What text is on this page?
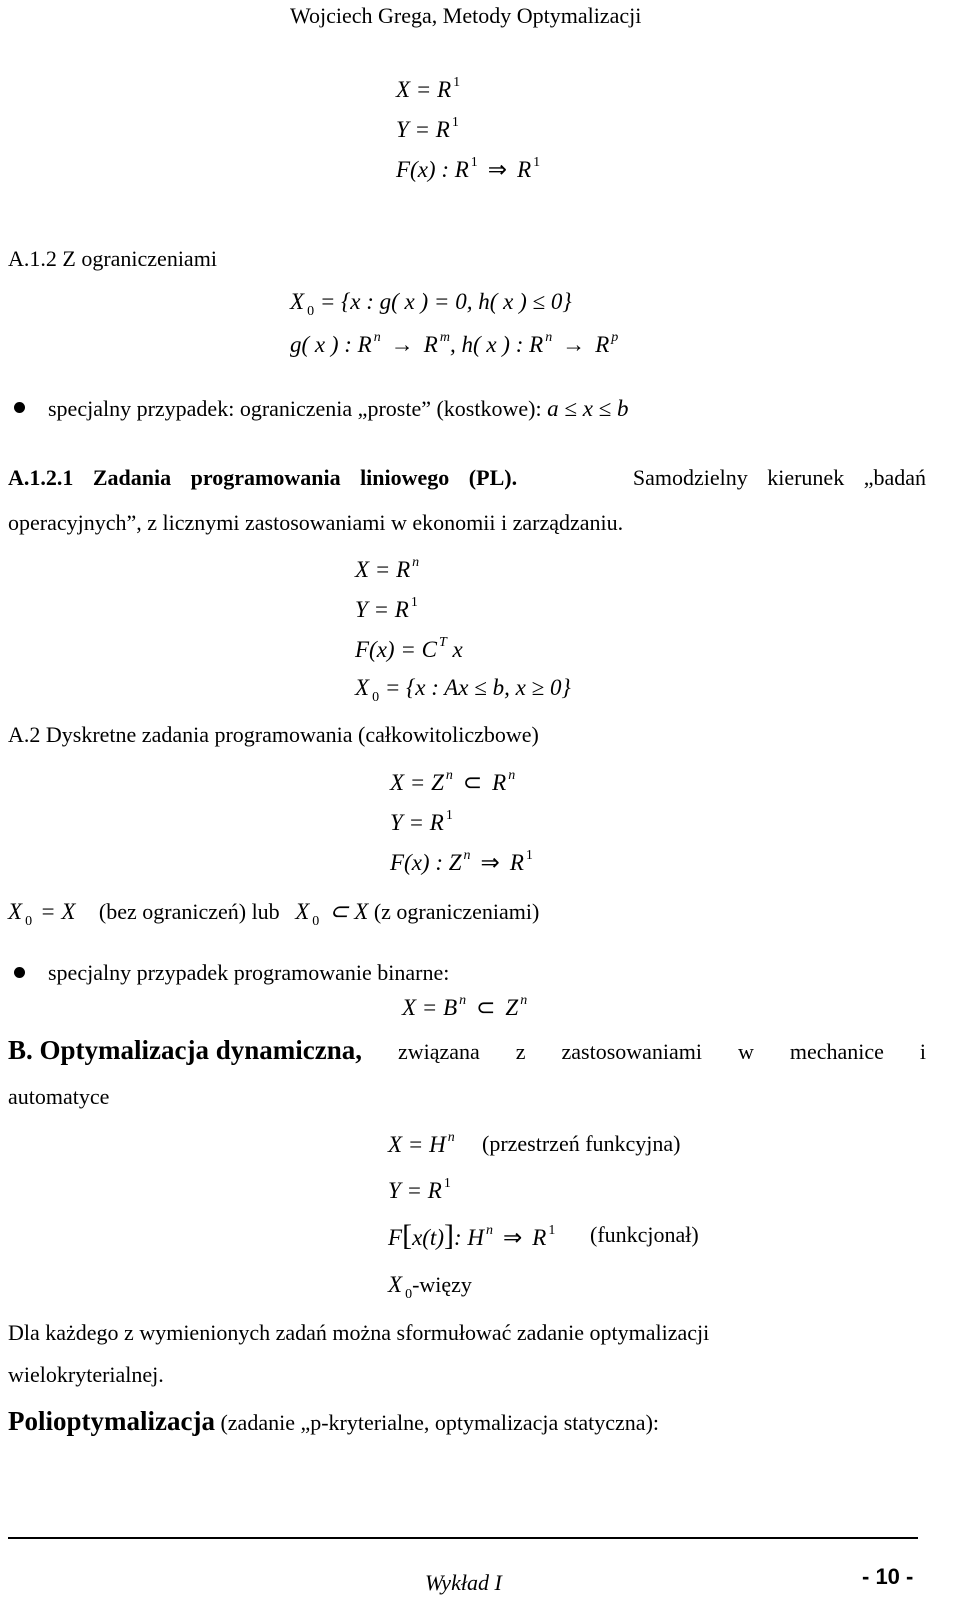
Wojciech Grega, Metody Optymalizacji
X = R $^1$
Y = R $^1$
F(x) : R $^1$ ⇒ R $^1$
A.1.2 Z ograniczeniami
X $_0$ = {x : g( x ) = 0, h( x ) ≤ 0}
g( x ) : R $^n$ → R $^m$, h( x ) : R $^n$ → R $^p$
specjalny przypadek: ograniczenia „proste” (kostkowe): a ≤ x ≤ b
A.1.2.1 Zadania programowania liniowego (PL).	Samodzielny kierunek „badań
operacyjnych”, z licznymi zastosowaniami w ekonomii i zarządzaniu.
X = R $^n$
Y = R $^1$
F(x) = C $^T$ x
X $_0$ = {x : Ax ≤ b, x ≥ 0}
A.2 Dyskretne zadania programowania (całkowitoliczbowe)
X = Z $^n$ ⊂ R $^n$
Y = R $^1$
F(x) : Z $^n$ ⇒ R $^1$
X $_0$ = X (bez ograniczeń) lub X $_0$ ⊂ X (z ograniczeniami)
specjalny przypadek programowanie binarne:
X = B $^n$ ⊂ Z $^n$
B. Optymalizacja dynamiczna, związana z zastosowaniami w mechanice i
automatyce
X = H $^n$ (przestrzeń funkcyjna)
Y = R $^1$
F[x(t)]: H $^n$ ⇒ R $^1$ (funkcjonał)
X $_0$-więzy
Dla każdego z wymienionych zadań można sformułować zadanie optymalizacji
wielokryterialnej.
Polioptymalizacja (zadanie „p-kryterialne, optymalizacja statyczna):
Wykład I	- 10 -
